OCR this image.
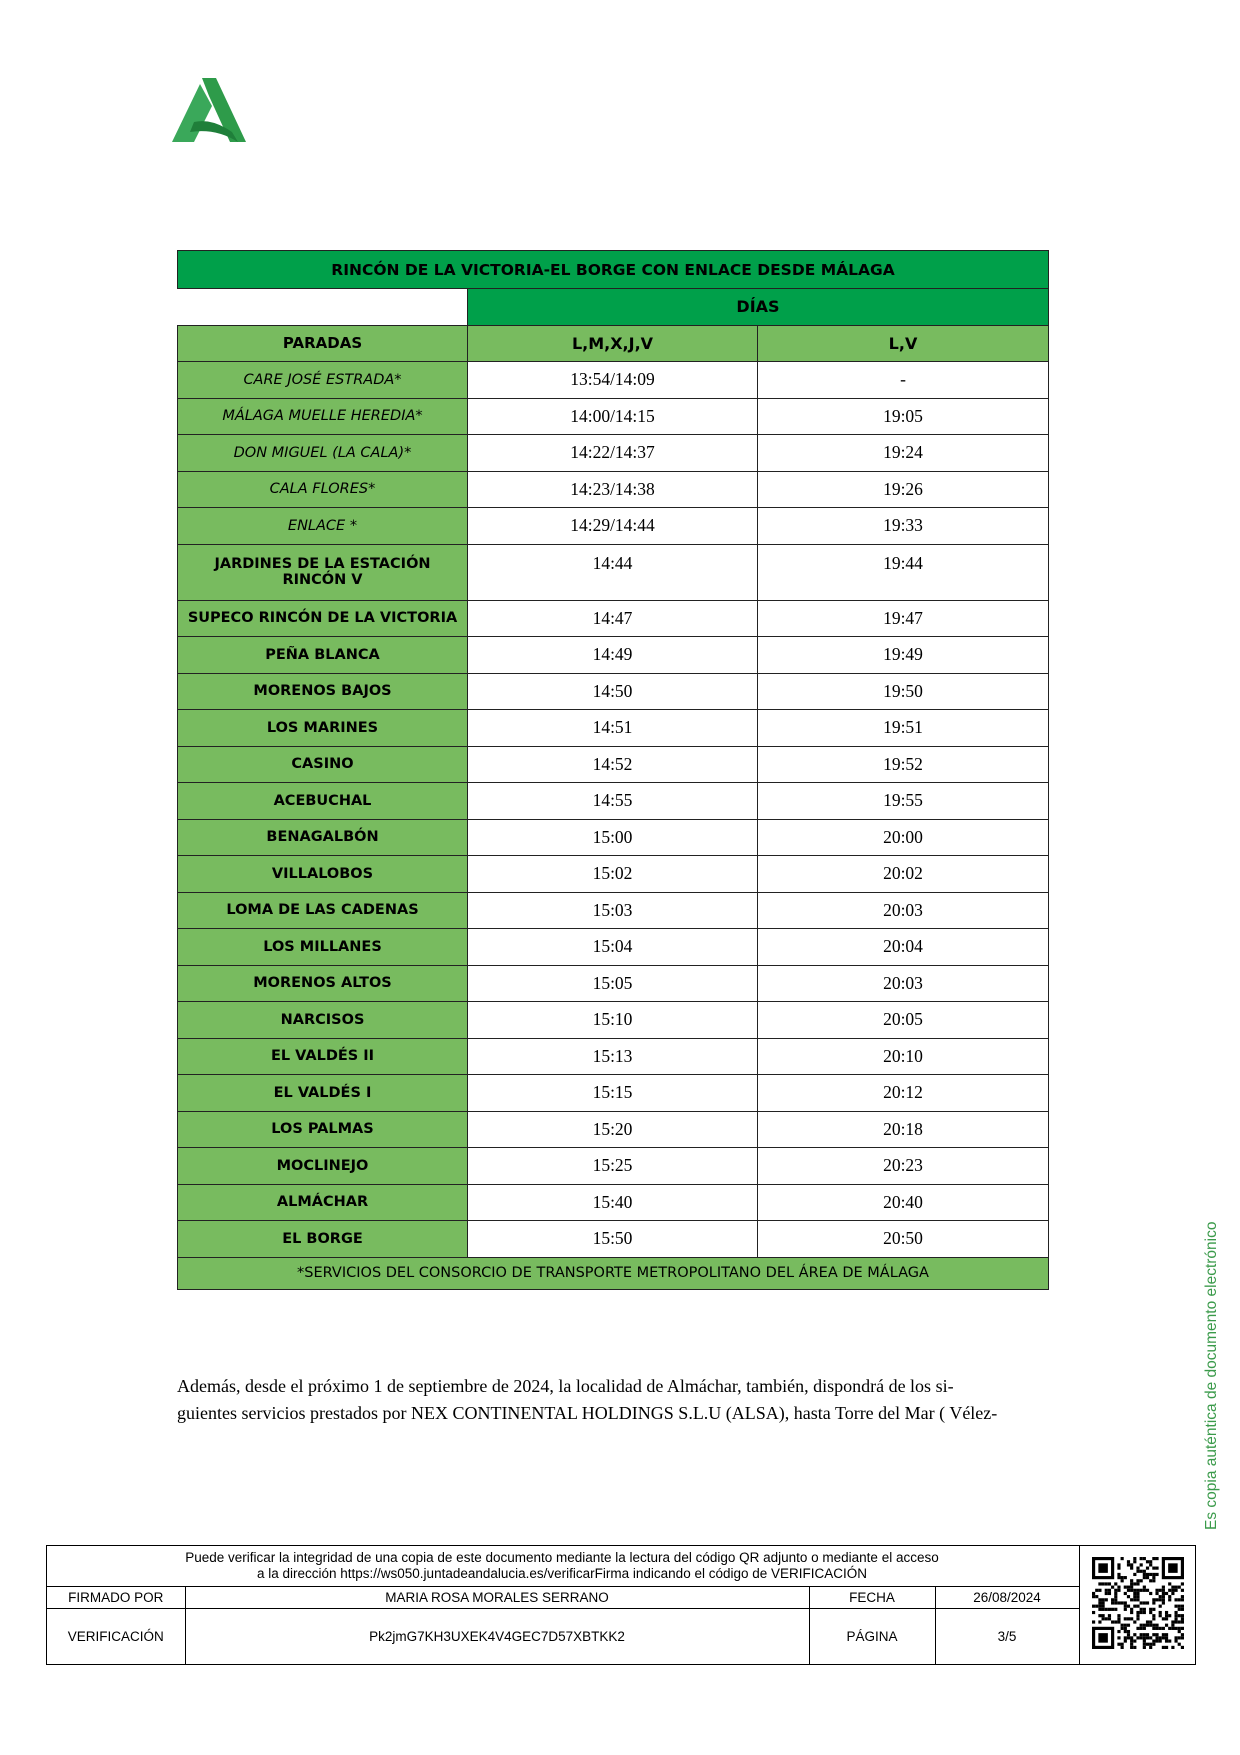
RINCÓN DE LA VICTORIA-EL BORGE CON ENLACE DESDE MÁLAGA		
	DÍAS	
PARADAS	L,M,X,J,V	L,V
CARE JOSÉ ESTRADA*	13:54/14:09	-
MÁLAGA MUELLE HEREDIA*	14:00/14:15	19:05
DON MIGUEL (LA CALA)*	14:22/14:37	19:24
CALA FLORES*	14:23/14:38	19:26
ENLACE *	14:29/14:44	19:33
JARDINES DE LA ESTACIÓN RINCÓN V	14:44	19:44
SUPECO RINCÓN DE LA VICTORIA	14:47	19:47
PEÑA BLANCA	14:49	19:49
MORENOS BAJOS	14:50	19:50
LOS MARINES	14:51	19:51
CASINO	14:52	19:52
ACEBUCHAL	14:55	19:55
BENAGALBÓN	15:00	20:00
VILLALOBOS	15:02	20:02
LOMA DE LAS CADENAS	15:03	20:03
LOS MILLANES	15:04	20:04
MORENOS ALTOS	15:05	20:03
NARCISOS	15:10	20:05
EL VALDÉS II	15:13	20:10
EL VALDÉS I	15:15	20:12
LOS PALMAS	15:20	20:18
MOCLINEJO	15:25	20:23
ALMÁCHAR	15:40	20:40
EL BORGE	15:50	20:50
*SERVICIOS DEL CONSORCIO DE TRANSPORTE METROPOLITANO DEL ÁREA DE MÁLAGA		
Además, desde el próximo 1 de septiembre de 2024, la localidad de Almáchar, también, dispondrá de los si-
guientes servicios prestados por NEX CONTINENTAL HOLDINGS S.L.U (ALSA), hasta Torre del Mar ( Vélez-	Es copia auténtica de documento electrónico
Puede verificar la integridad de una copia de este documento mediante la lectura del código QR adjunto o mediante el acceso
a la dirección https://ws050.juntadeandalucia.es/verificarFirma indicando el código de VERIFICACIÓN
FIRMADO POR	MARIA ROSA MORALES SERRANO	FECHA	26/08/2024
VERIFICACIÓN	Pk2jmG7KH3UXEK4V4GEC7D57XBTKK2	PÁGINA	3/5
